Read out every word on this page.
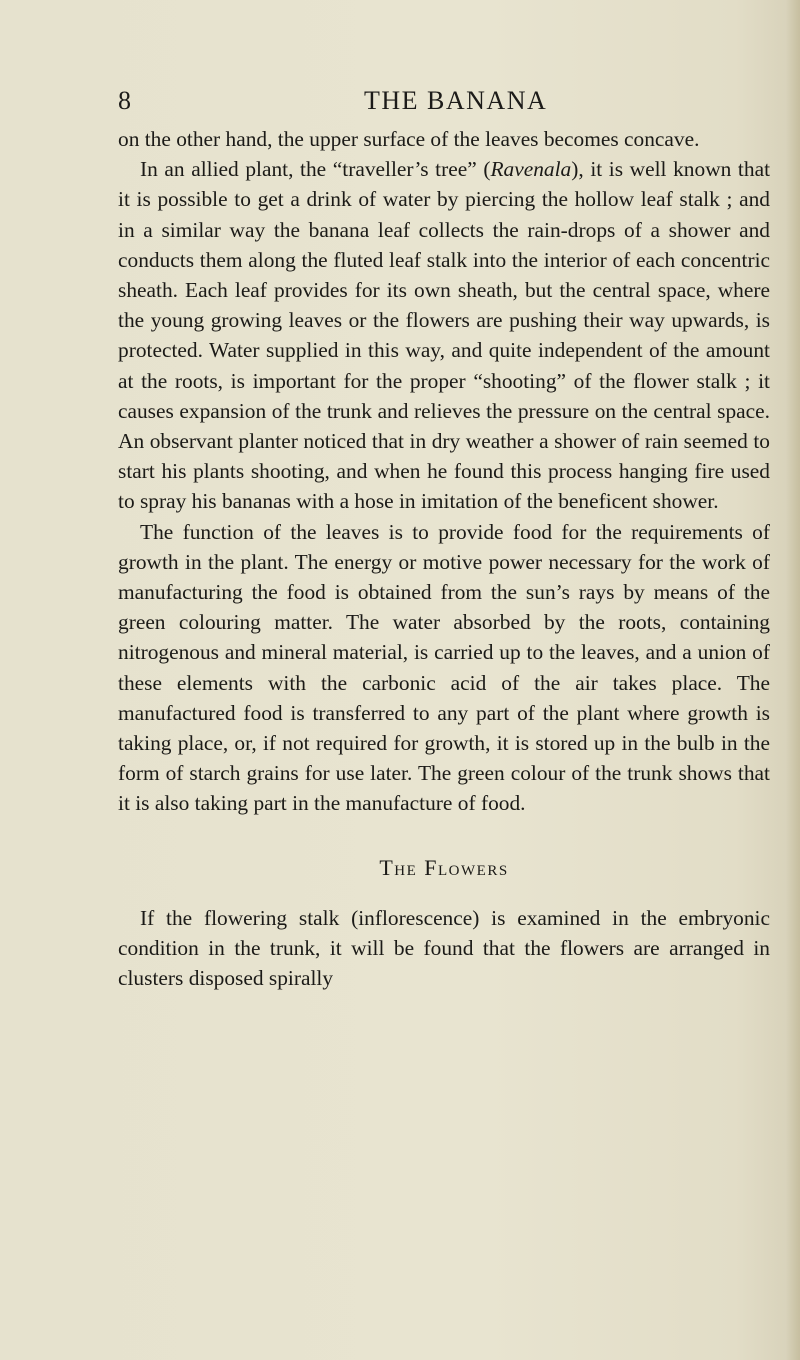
8	THE BANANA

on the other hand, the upper surface of the leaves becomes concave.

In an allied plant, the “traveller’s tree” (Ravenala), it is well known that it is possible to get a drink of water by piercing the hollow leaf stalk ; and in a similar way the banana leaf collects the rain-drops of a shower and conducts them along the fluted leaf stalk into the interior of each concentric sheath. Each leaf provides for its own sheath, but the central space, where the young growing leaves or the flowers are pushing their way upwards, is protected. Water supplied in this way, and quite independent of the amount at the roots, is important for the proper “shooting” of the flower stalk ; it causes expansion of the trunk and relieves the pressure on the central space. An observant planter noticed that in dry weather a shower of rain seemed to start his plants shooting, and when he found this process hanging fire used to spray his bananas with a hose in imitation of the beneficent shower.

The function of the leaves is to provide food for the requirements of growth in the plant. The energy or motive power necessary for the work of manufacturing the food is obtained from the sun’s rays by means of the green colouring matter. The water absorbed by the roots, containing nitrogenous and mineral material, is carried up to the leaves, and a union of these elements with the carbonic acid of the air takes place. The manufactured food is transferred to any part of the plant where growth is taking place, or, if not required for growth, it is stored up in the bulb in the form of starch grains for use later. The green colour of the trunk shows that it is also taking part in the manufacture of food.

The Flowers

If the flowering stalk (inflorescence) is examined in the embryonic condition in the trunk, it will be found that the flowers are arranged in clusters disposed spirally
